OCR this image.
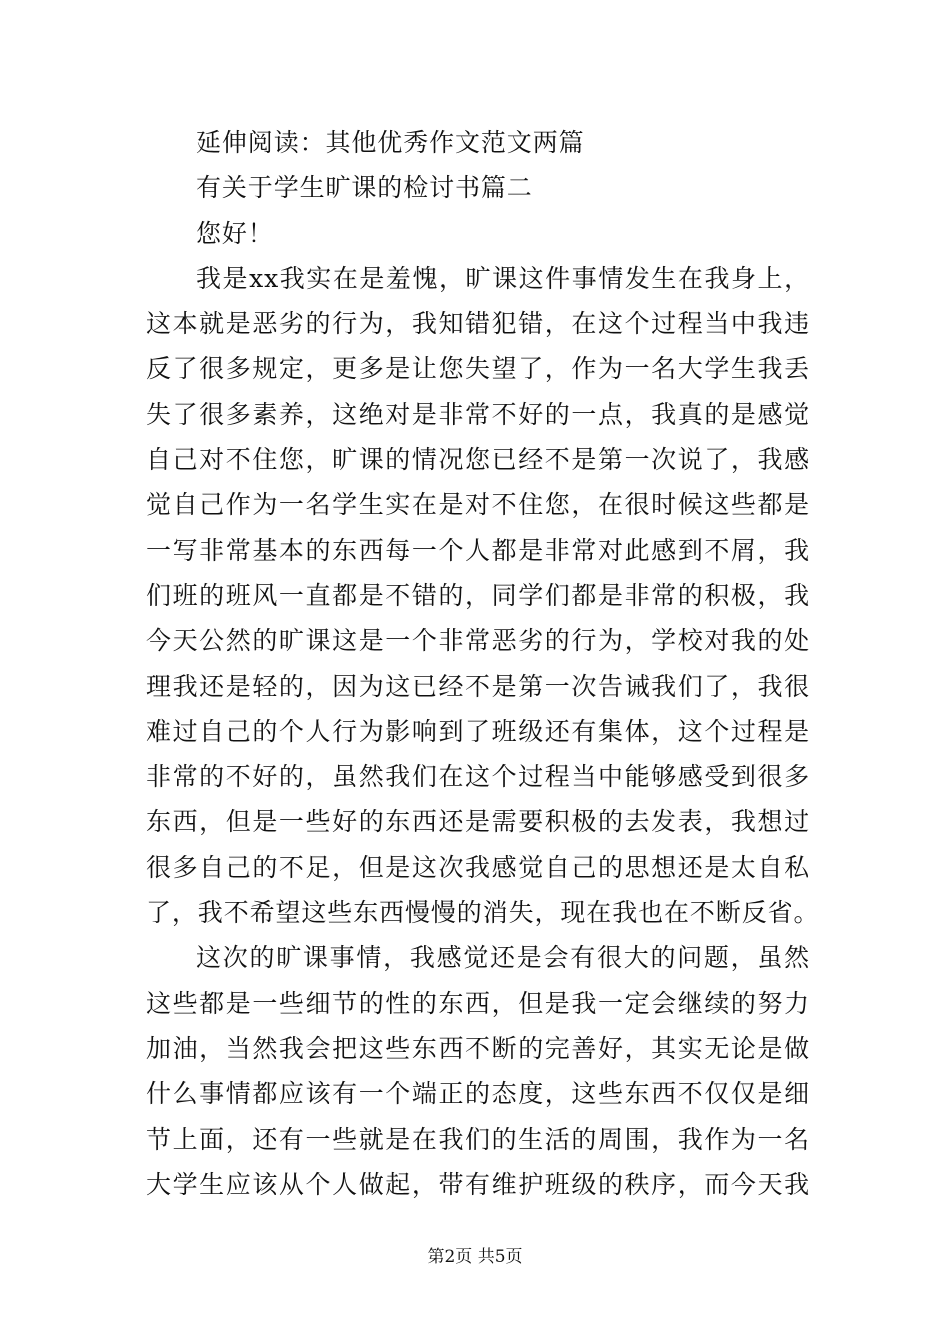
延伸阅读：其他优秀作文范文两篇
有关于学生旷课的检讨书篇二
您好！
我是xx我实在是羞愧，旷课这件事情发生在我身上，
这本就是恶劣的行为，我知错犯错，在这个过程当中我违
反了很多规定，更多是让您失望了，作为一名大学生我丢
失了很多素养，这绝对是非常不好的一点，我真的是感觉
自己对不住您，旷课的情况您已经不是第一次说了，我感
觉自己作为一名学生实在是对不住您，在很时候这些都是
一写非常基本的东西每一个人都是非常对此感到不屑，我
们班的班风一直都是不错的，同学们都是非常的积极，我
今天公然的旷课这是一个非常恶劣的行为，学校对我的处
理我还是轻的，因为这已经不是第一次告诫我们了，我很
难过自己的个人行为影响到了班级还有集体，这个过程是
非常的不好的，虽然我们在这个过程当中能够感受到很多
东西，但是一些好的东西还是需要积极的去发表，我想过
很多自己的不足，但是这次我感觉自己的思想还是太自私
了，我不希望这些东西慢慢的消失，现在我也在不断反省。
这次的旷课事情，我感觉还是会有很大的问题，虽然
这些都是一些细节的性的东西，但是我一定会继续的努力
加油，当然我会把这些东西不断的完善好，其实无论是做
什么事情都应该有一个端正的态度，这些东西不仅仅是细
节上面，还有一些就是在我们的生活的周围，我作为一名
大学生应该从个人做起，带有维护班级的秩序，而今天我
第2页 共5页
